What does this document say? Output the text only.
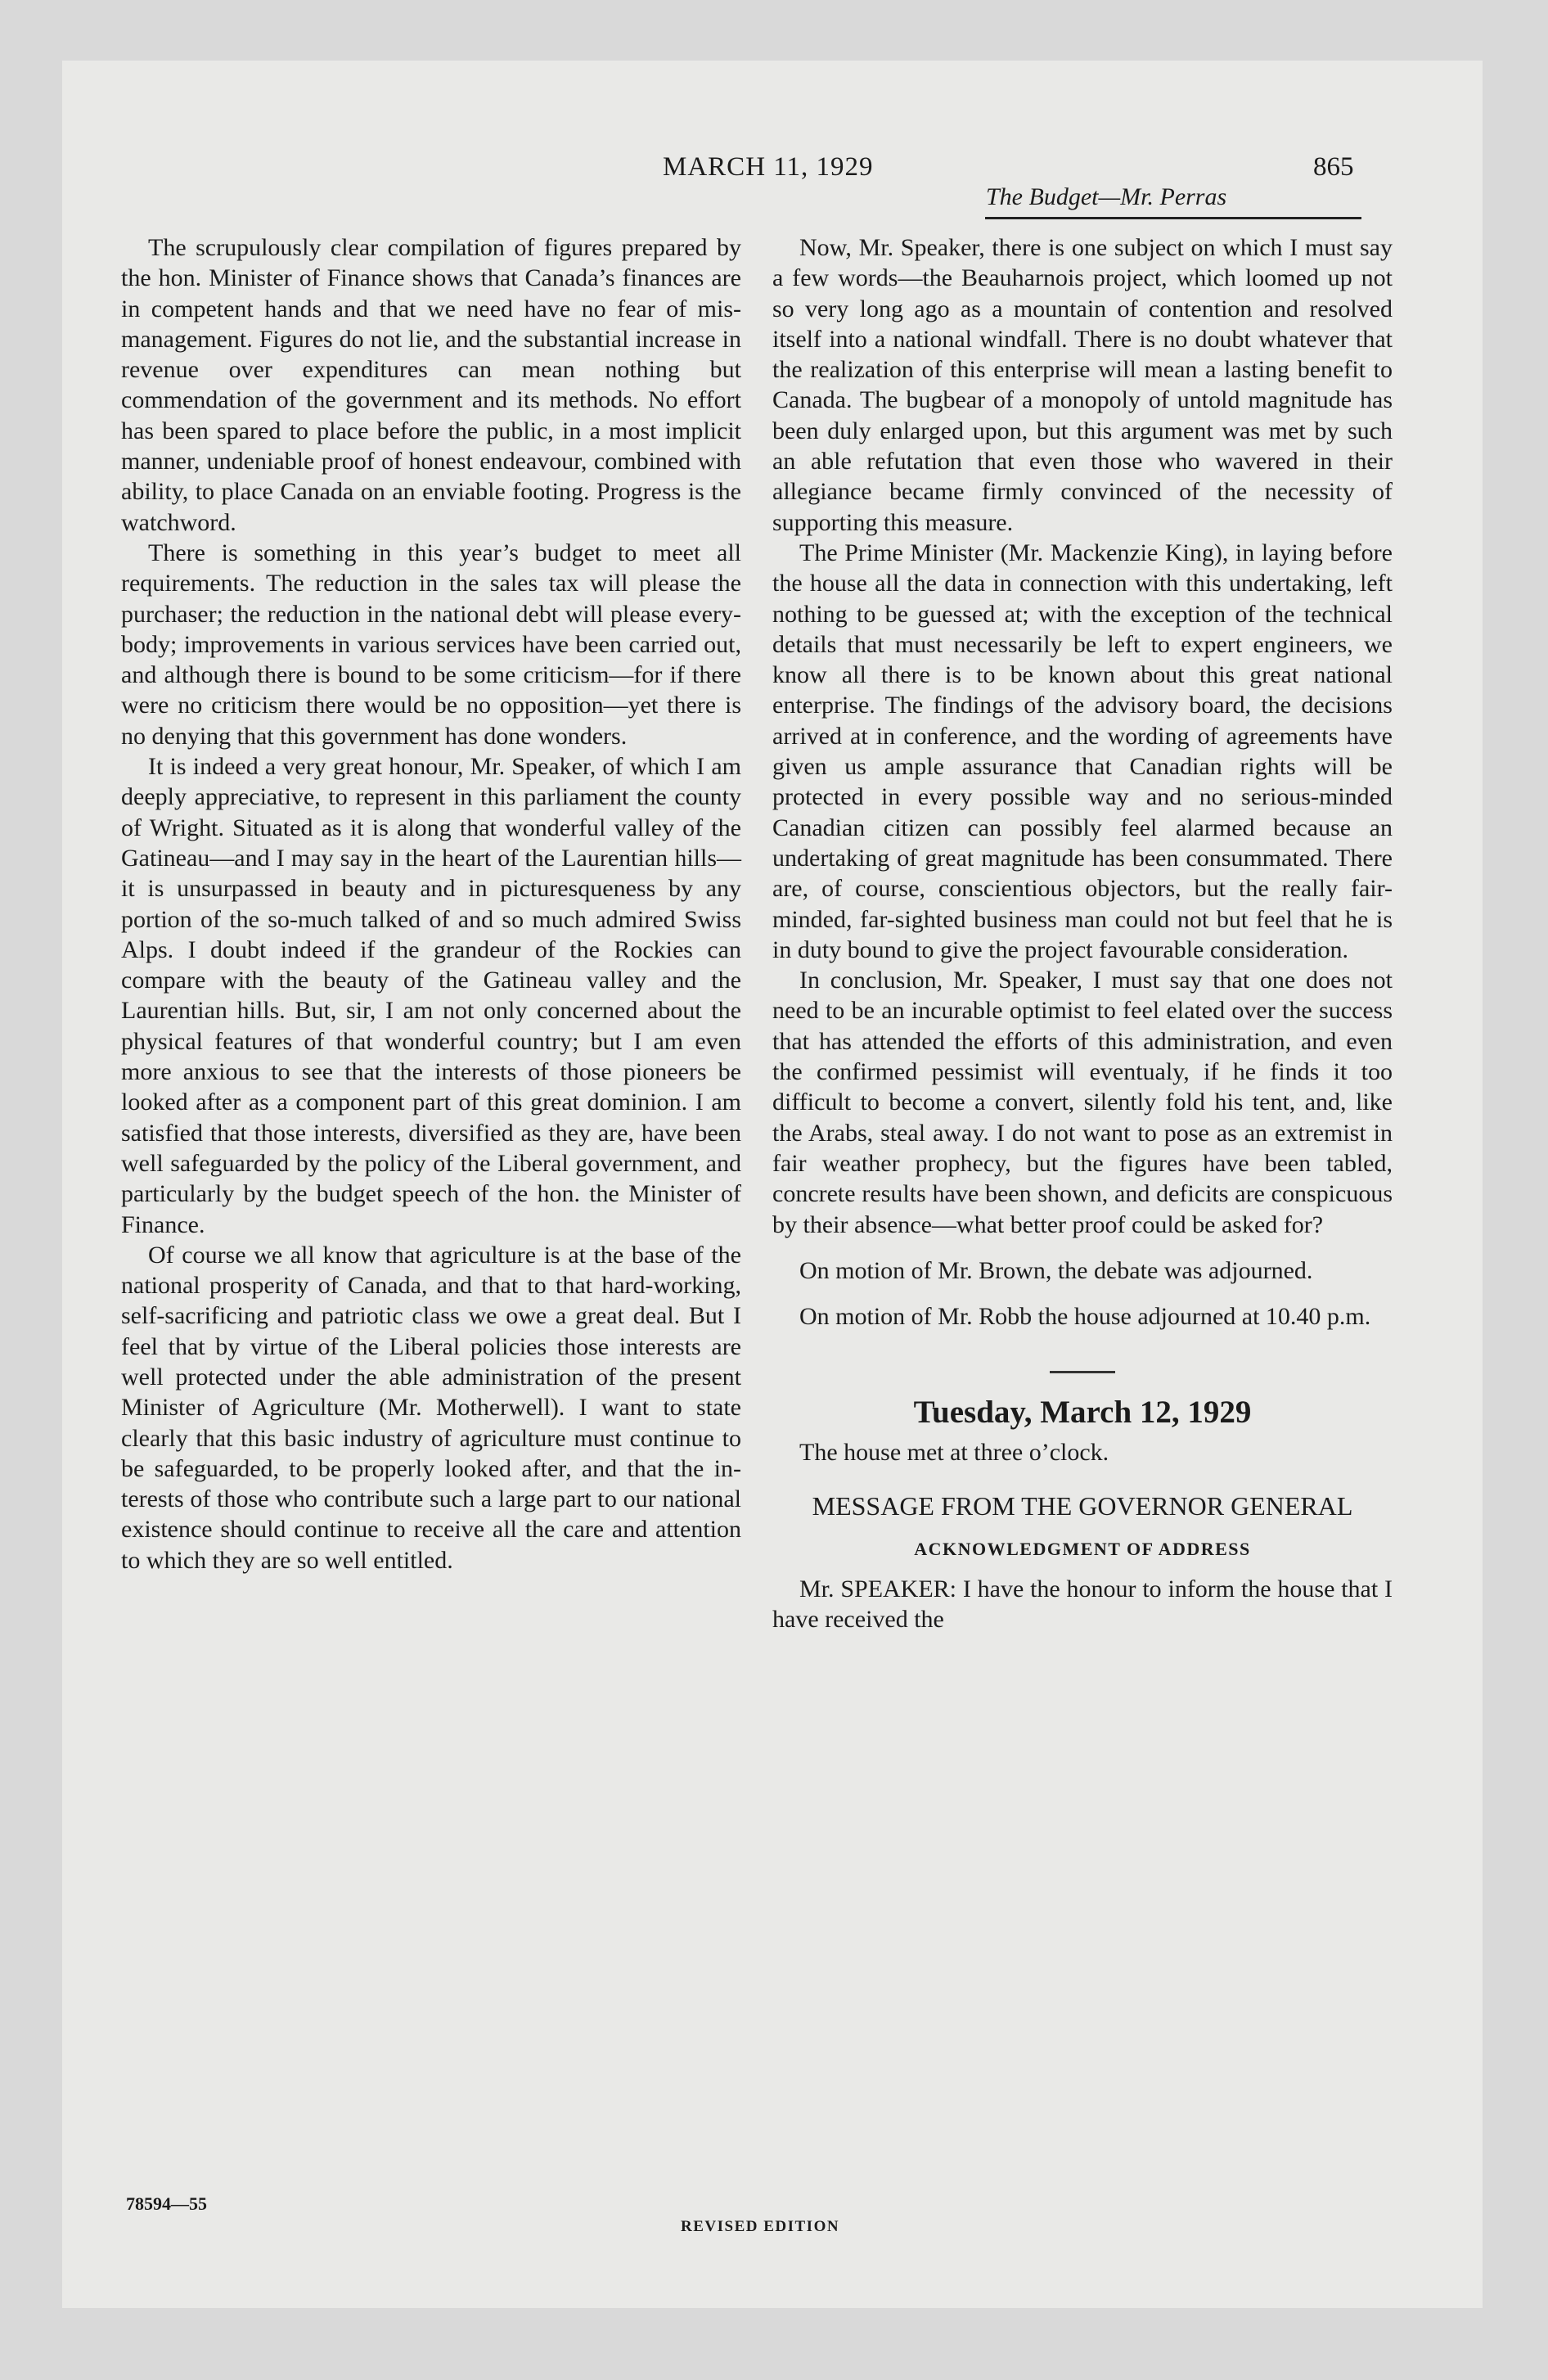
MARCH 11, 1929	865
The Budget—Mr. Perras

The scrupulously clear compilation of figures prepared by the hon. Minister of Finance shows that Canada’s finances are in competent hands and that we need have no fear of mismanagement. Figures do not lie, and the substantial increase in revenue over expenditures can mean nothing but commendation of the government and its methods. No effort has been spared to place before the public, in a most implicit manner, undeniable proof of honest endeavour, combined with ability, to place Canada on an enviable footing. Progress is the watchword.

There is something in this year’s budget to meet all requirements. The reduction in the sales tax will please the purchaser; the reduction in the national debt will please everybody; improvements in various services have been carried out, and although there is bound to be some criticism—for if there were no criticism there would be no opposition—yet there is no denying that this government has done wonders.

It is indeed a very great honour, Mr. Speaker, of which I am deeply appreciative, to represent in this parliament the county of Wright. Situated as it is along that wonderful valley of the Gatineau—and I may say in the heart of the Laurentian hills—it is unsurpassed in beauty and in picturesqueness by any portion of the so-much talked of and so much admired Swiss Alps. I doubt indeed if the grandeur of the Rockies can compare with the beauty of the Gatineau valley and the Laurentian hills. But, sir, I am not only concerned about the physical features of that wonderful country; but I am even more anxious to see that the interests of those pioneers be looked after as a component part of this great dominion. I am satisfied that those interests, diversified as they are, have been well safeguarded by the policy of the Liberal government, and particularly by the budget speech of the hon. the Minister of Finance.

Of course we all know that agriculture is at the base of the national prosperity of Canada, and that to that hard-working, self-sacrificing and patriotic class we owe a great deal. But I feel that by virtue of the Liberal policies those interests are well protected under the able administration of the present Minister of Agriculture (Mr. Motherwell). I want to state clearly that this basic industry of agriculture must continue to be safeguarded, to be properly looked after, and that the interests of those who contribute such a large part to our national existence should continue to receive all the care and attention to which they are so well entitled.

Now, Mr. Speaker, there is one subject on which I must say a few words—the Beauharnois project, which loomed up not so very long ago as a mountain of contention and resolved itself into a national windfall. There is no doubt whatever that the realization of this enterprise will mean a lasting benefit to Canada. The bugbear of a monopoly of untold magnitude has been duly enlarged upon, but this argument was met by such an able refutation that even those who wavered in their allegiance became firmly convinced of the necessity of supporting this measure.

The Prime Minister (Mr. Mackenzie King), in laying before the house all the data in connection with this undertaking, left nothing to be guessed at; with the exception of the technical details that must necessarily be left to expert engineers, we know all there is to be known about this great national enterprise. The findings of the advisory board, the decisions arrived at in conference, and the wording of agreements have given us ample assurance that Canadian rights will be protected in every possible way and no serious-minded Canadian citizen can possibly feel alarmed because an undertaking of great magnitude has been consummated. There are, of course, conscientious objectors, but the really fair-minded, far-sighted business man could not but feel that he is in duty bound to give the project favourable consideration.

In conclusion, Mr. Speaker, I must say that one does not need to be an incurable optimist to feel elated over the success that has attended the efforts of this administration, and even the confirmed pessimist will eventualy, if he finds it too difficult to become a convert, silently fold his tent, and, like the Arabs, steal away. I do not want to pose as an extremist in fair weather prophecy, but the figures have been tabled, concrete results have been shown, and deficits are conspicuous by their absence—what better proof could be asked for?

On motion of Mr. Brown, the debate was adjourned.

On motion of Mr. Robb the house adjourned at 10.40 p.m.

Tuesday, March 12, 1929

The house met at three o’clock.

MESSAGE FROM THE GOVERNOR GENERAL
ACKNOWLEDGMENT OF ADDRESS

Mr. SPEAKER: I have the honour to inform the house that I have received the

78594—55
REVISED EDITION
